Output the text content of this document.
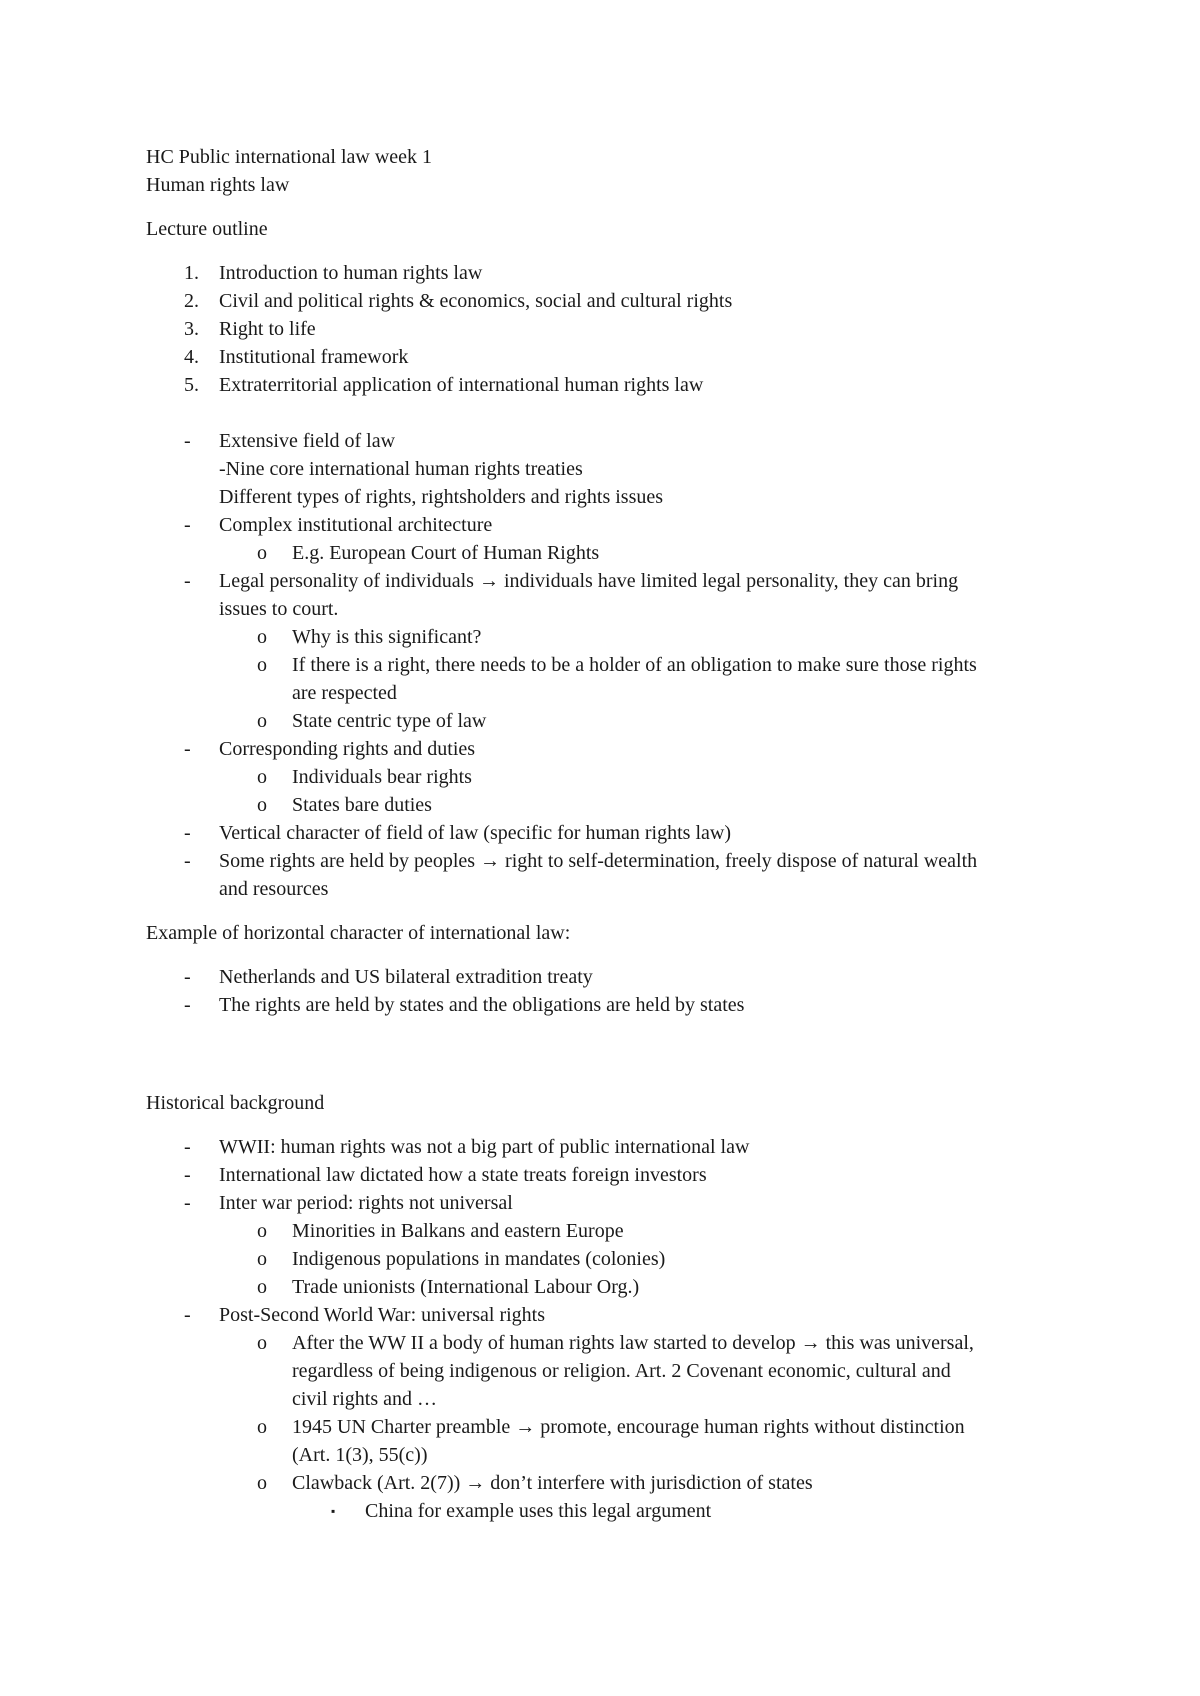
HC Public international law week 1
Human rights law
Lecture outline
1. Introduction to human rights law
2. Civil and political rights & economics, social and cultural rights
3. Right to life
4. Institutional framework
5. Extraterritorial application of international human rights law
- Extensive field of law
-Nine core international human rights treaties
Different types of rights, rightsholders and rights issues
- Complex institutional architecture
o E.g. European Court of Human Rights
- Legal personality of individuals → individuals have limited legal personality, they can bring
issues to court.
o Why is this significant?
o If there is a right, there needs to be a holder of an obligation to make sure those rights
are respected
o State centric type of law
- Corresponding rights and duties
o Individuals bear rights
o States bare duties
- Vertical character of field of law (specific for human rights law)
- Some rights are held by peoples → right to self-determination, freely dispose of natural wealth
and resources
Example of horizontal character of international law:
- Netherlands and US bilateral extradition treaty
- The rights are held by states and the obligations are held by states
Historical background
- WWII: human rights was not a big part of public international law
- International law dictated how a state treats foreign investors
- Inter war period: rights not universal
o Minorities in Balkans and eastern Europe
o Indigenous populations in mandates (colonies)
o Trade unionists (International Labour Org.)
- Post-Second World War: universal rights
o After the WW II a body of human rights law started to develop → this was universal,
regardless of being indigenous or religion. Art. 2 Covenant economic, cultural and
civil rights and …
o 1945 UN Charter preamble → promote, encourage human rights without distinction
(Art. 1(3), 55(c))
o Clawback (Art. 2(7)) → don’t interfere with jurisdiction of states
▪ China for example uses this legal argument
